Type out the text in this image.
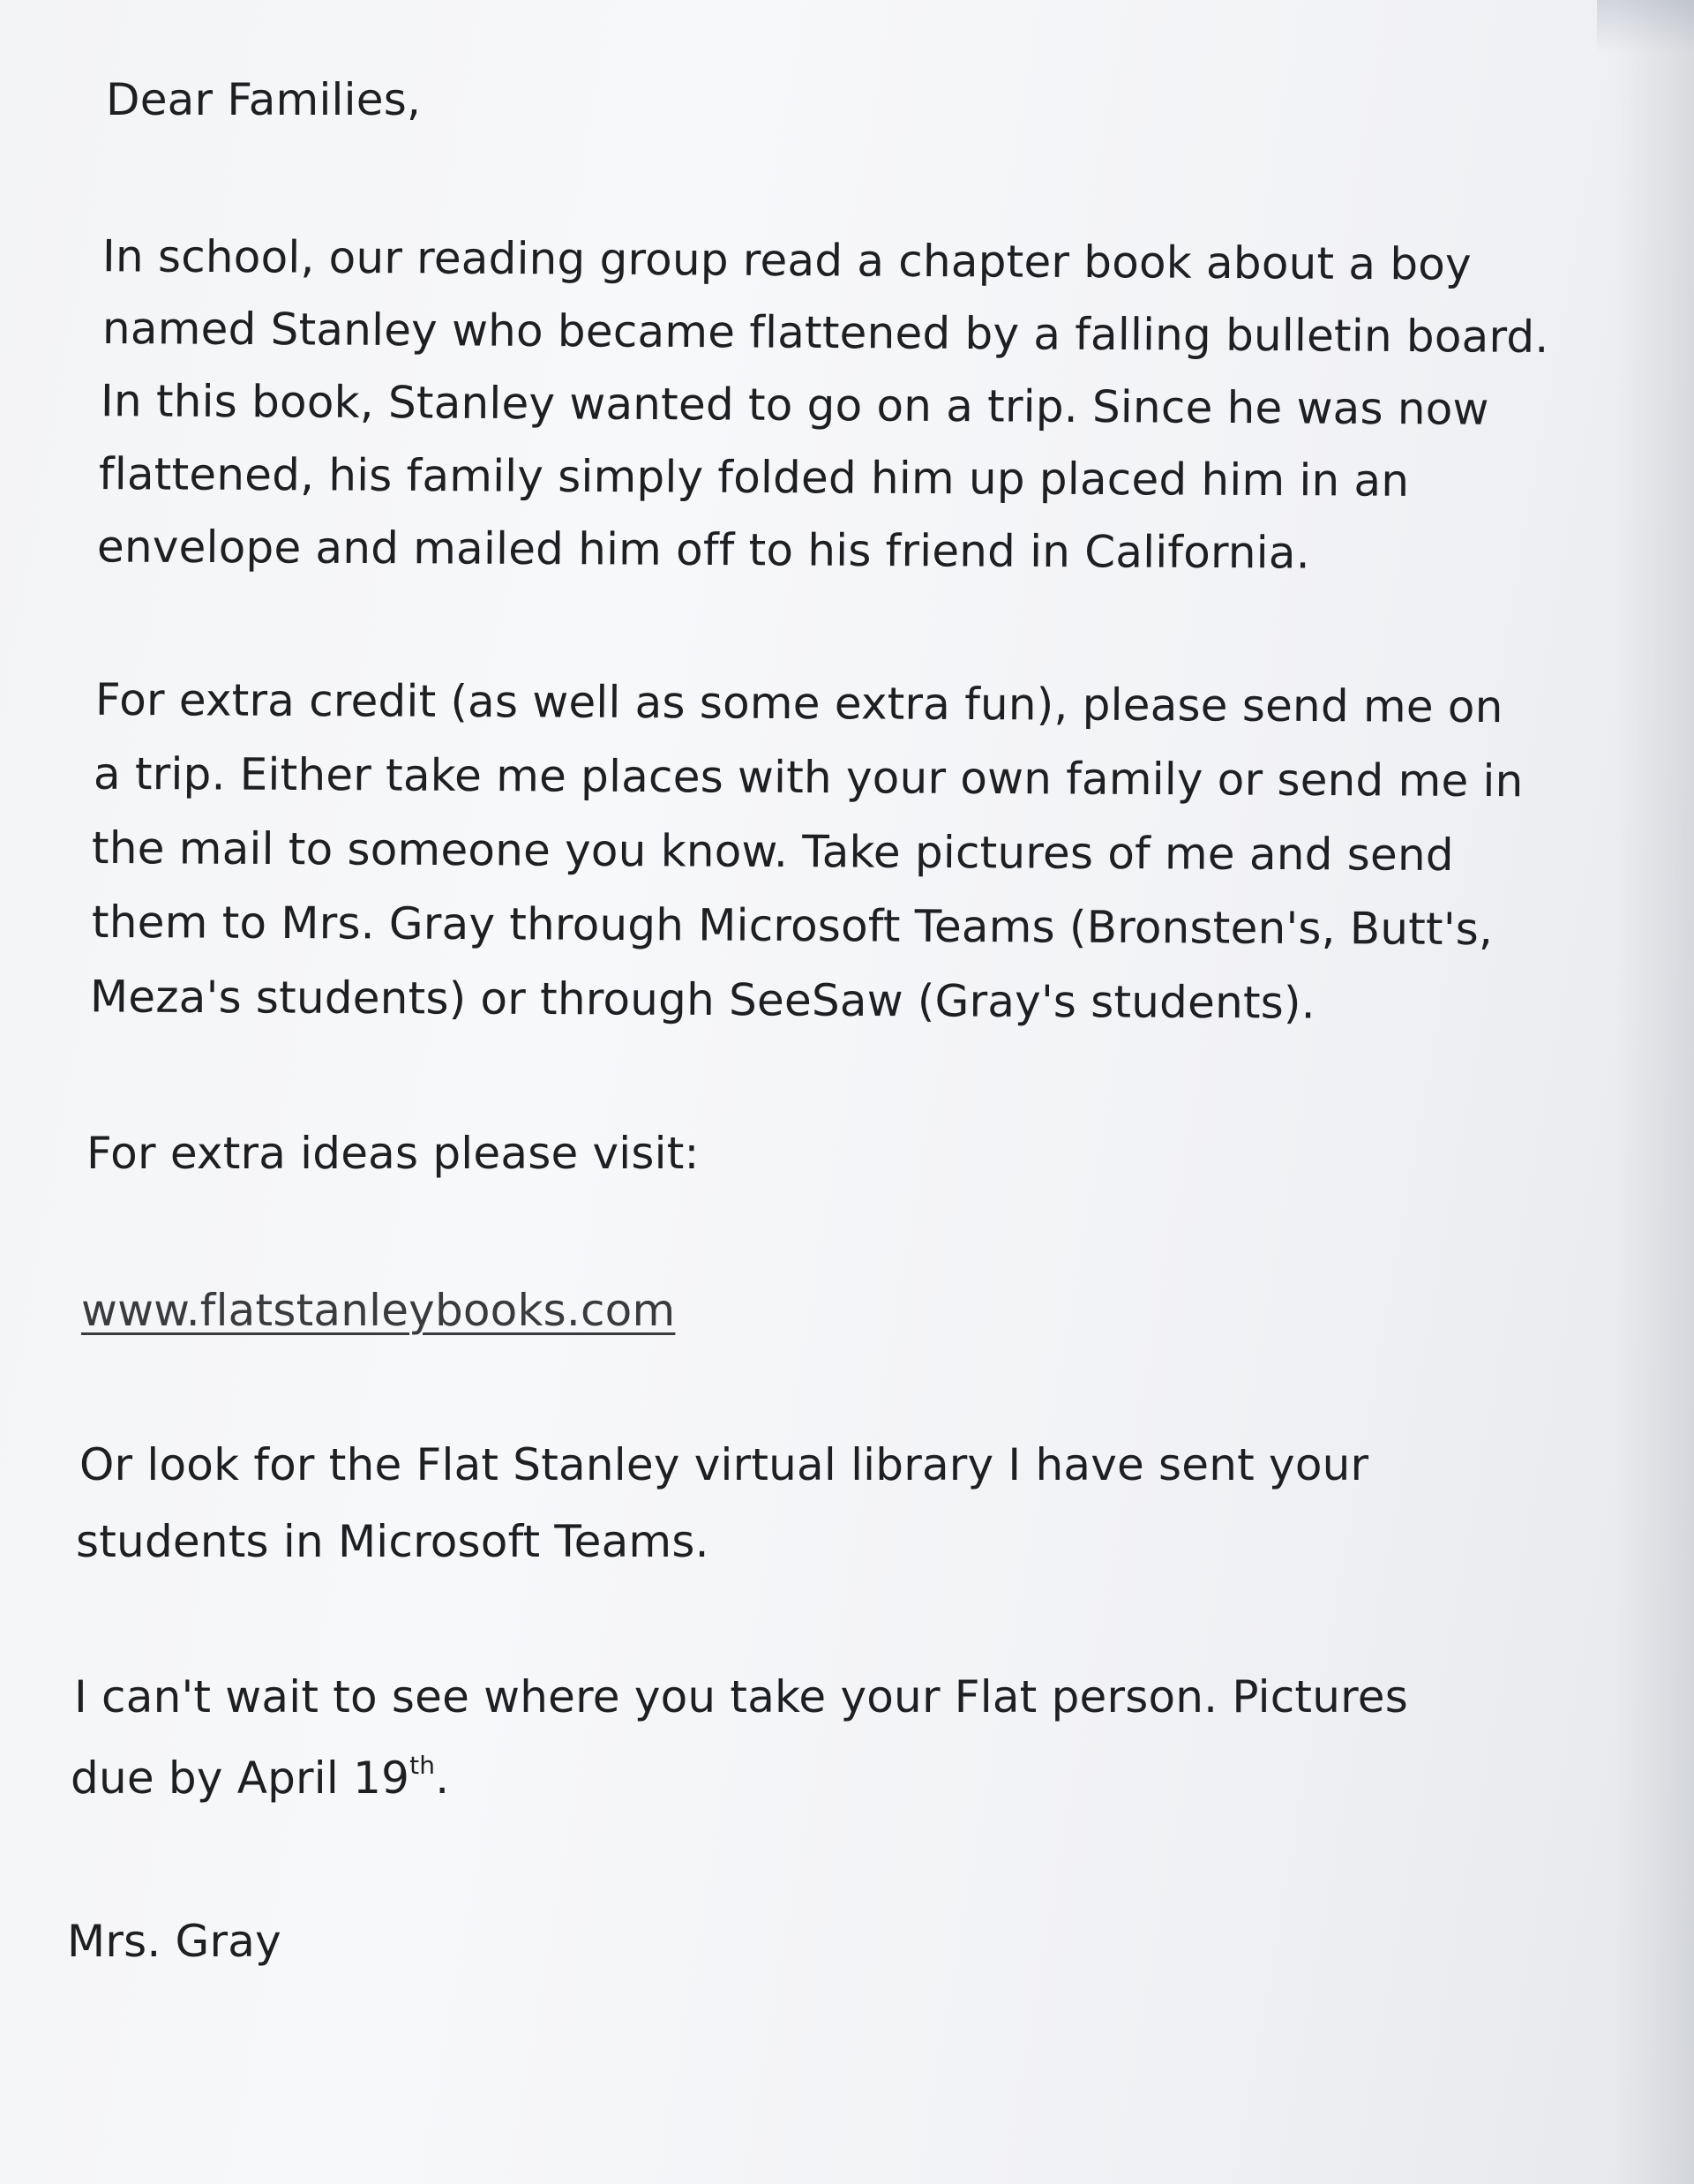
Dear Families,
In school, our reading group read a chapter book about a boy
named Stanley who became flattened by a falling bulletin board.
In this book, Stanley wanted to go on a trip. Since he was now
flattened, his family simply folded him up placed him in an
envelope and mailed him off to his friend in California.
For extra credit (as well as some extra fun), please send me on
a trip. Either take me places with your own family or send me in
the mail to someone you know. Take pictures of me and send
them to Mrs. Gray through Microsoft Teams (Bronsten's, Butt's,
Meza's students) or through SeeSaw (Gray's students).
For extra ideas please visit:
www.flatstanleybooks.com
Or look for the Flat Stanley virtual library I have sent your
students in Microsoft Teams.
I can't wait to see where you take your Flat person. Pictures
due by April 19th.
Mrs. Gray
